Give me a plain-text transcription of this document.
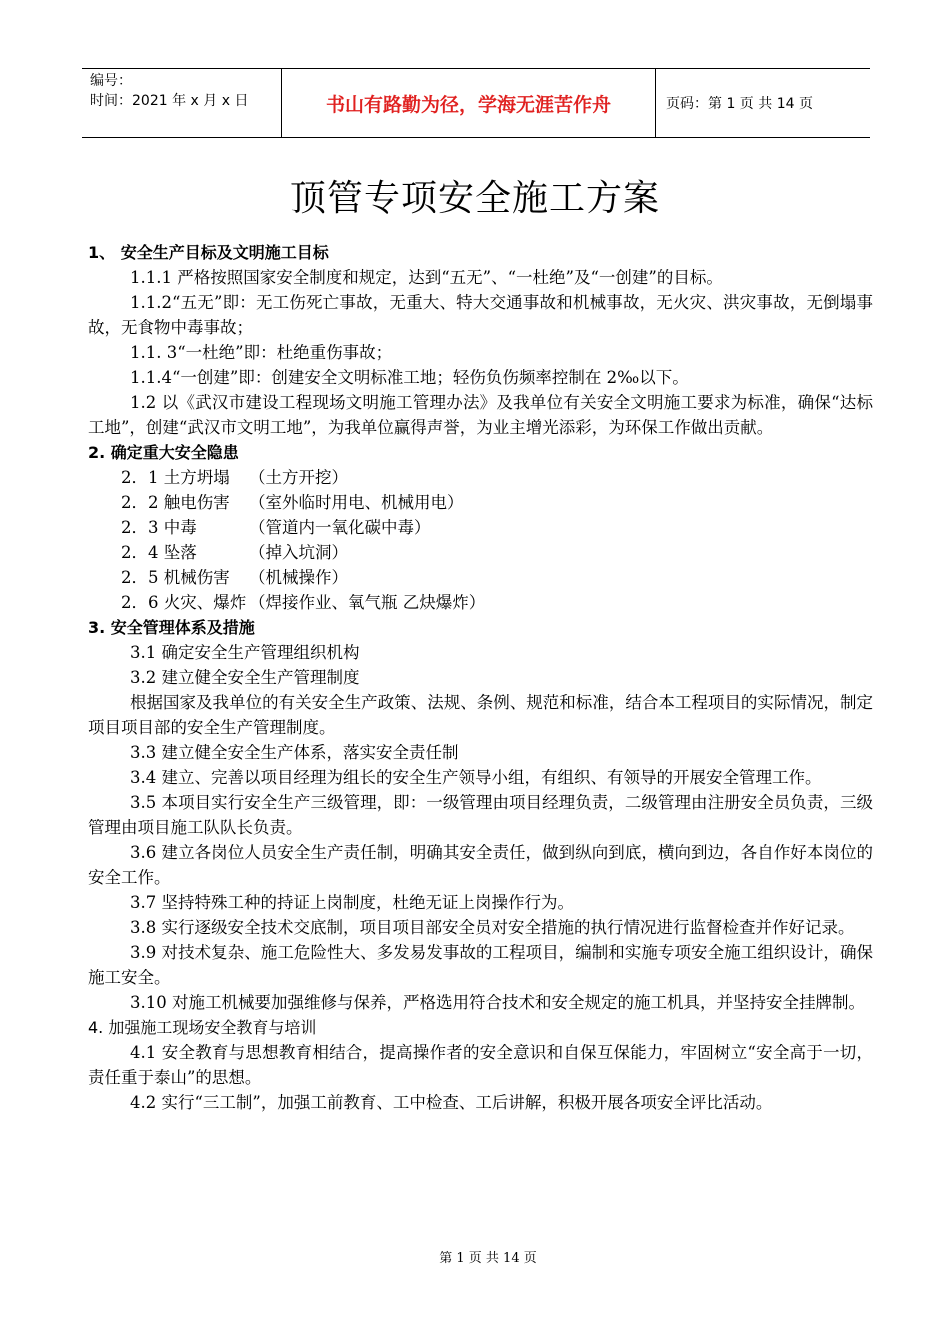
编号：
时间：2021 年 x 月 x 日	书山有路勤为径，学海无涯苦作舟	页码：第 1 页 共 14 页
顶管专项安全施工方案

1、 安全生产目标及文明施工目标

1.1.1 严格按照国家安全制度和规定，达到“五无”、“一杜绝”及“一创建”的目标。

1.1.2“五无”即：无工伤死亡事故，无重大、特大交通事故和机械事故，无火灾、洪灾事故，无倒塌事故，无食物中毒事故；

1.1. 3“一杜绝”即：杜绝重伤事故；

1.1.4“一创建”即：创建安全文明标准工地；轻伤负伤频率控制在 2‰以下。

1.2 以《武汉市建设工程现场文明施工管理办法》及我单位有关安全文明施工要求为标准，确保“达标工地”，创建“武汉市文明工地”，为我单位赢得声誉，为业主增光添彩，为环保工作做出贡献。

2. 确定重大安全隐患

2．1 土方坍塌 （土方开挖）

2．2 触电伤害 （室外临时用电、机械用电）

2．3 中毒	（管道内一氧化碳中毒）

2．4 坠落	（掉入坑洞）

2．5 机械伤害 （机械操作）

2．6 火灾、爆炸 （焊接作业、氧气瓶 乙炔爆炸）

3. 安全管理体系及措施

3.1 确定安全生产管理组织机构

3.2 建立健全安全生产管理制度

根据国家及我单位的有关安全生产政策、法规、条例、规范和标准，结合本工程项目的实际情况，制定项目项目部的安全生产管理制度。

3.3 建立健全安全生产体系，落实安全责任制

3.4 建立、完善以项目经理为组长的安全生产领导小组，有组织、有领导的开展安全管理工作。

3.5 本项目实行安全生产三级管理，即：一级管理由项目经理负责，二级管理由注册安全员负责，三级管理由项目施工队队长负责。

3.6 建立各岗位人员安全生产责任制，明确其安全责任，做到纵向到底，横向到边，各自作好本岗位的安全工作。

3.7 坚持特殊工种的持证上岗制度，杜绝无证上岗操作行为。

3.8 实行逐级安全技术交底制，项目项目部安全员对安全措施的执行情况进行监督检查并作好记录。

3.9 对技术复杂、施工危险性大、多发易发事故的工程项目，编制和实施专项安全施工组织设计，确保施工安全。

3.10 对施工机械要加强维修与保养，严格选用符合技术和安全规定的施工机具，并坚持安全挂牌制。

4. 加强施工现场安全教育与培训

4.1 安全教育与思想教育相结合，提高操作者的安全意识和自保互保能力，牢固树立“安全高于一切，责任重于泰山”的思想。

4.2 实行“三工制”，加强工前教育、工中检查、工后讲解，积极开展各项安全评比活动。

第 1 页 共 14 页
